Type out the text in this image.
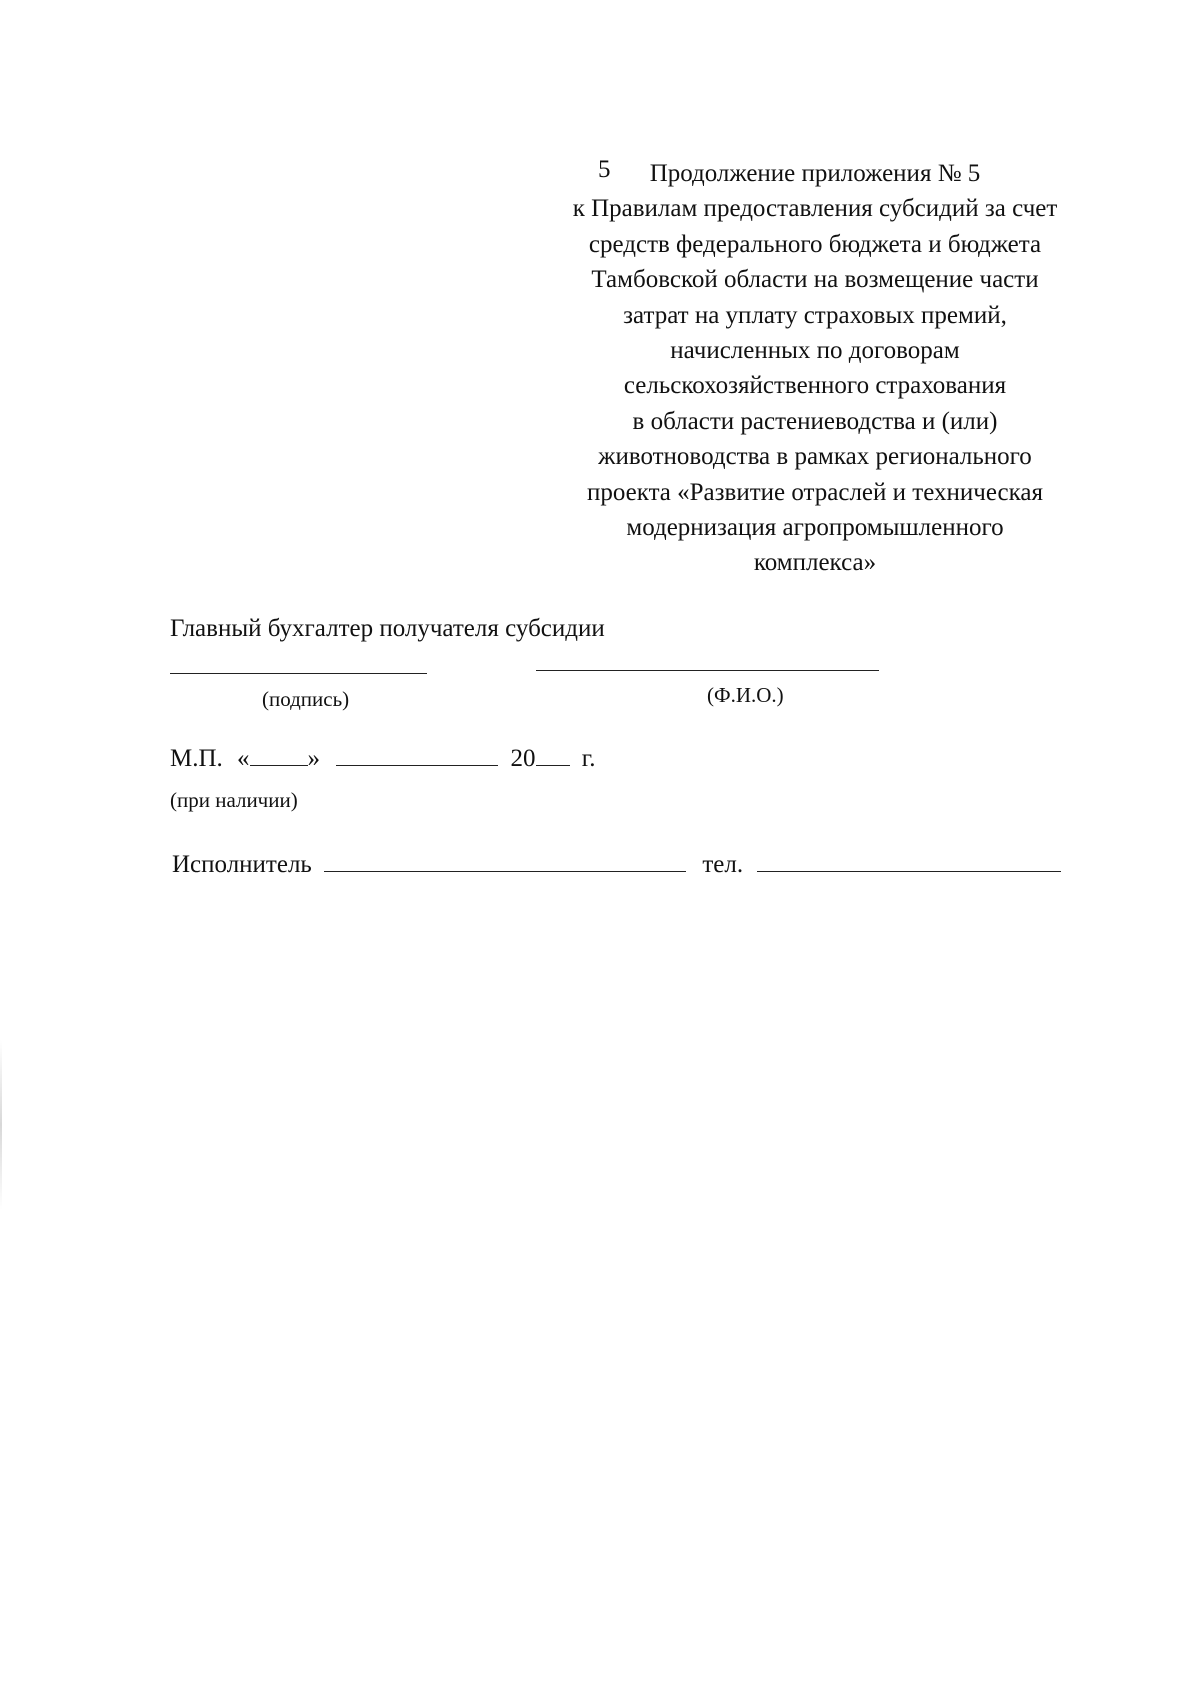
5	Продолжение приложения № 5
к Правилам предоставления субсидий за счет
средств федерального бюджета и бюджета
Тамбовской области на возмещение части
затрат на уплату страховых премий,
начисленных по договорам
сельскохозяйственного страхования
в области растениеводства и (или)
животноводства в рамках регионального
проекта «Развитие отраслей и техническая
модернизация агропромышленного
комплекса»
Главный бухгалтер получателя субсидии
(подпись)	(Ф.И.О.)
М.П. « »	20 г.
(при наличии)
Исполнитель	тел.
